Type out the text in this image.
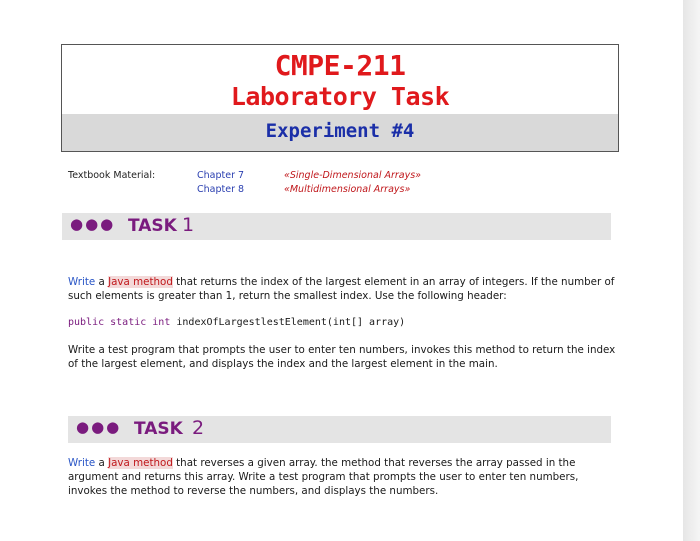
CMPE-211
Laboratory Task
Experiment #4
Textbook Material:	Chapter 7
Chapter 8
«Single-Dimensional Arrays»
«Multidimensional Arrays»
●●● TASK 1
Write a Java method that returns the index of the largest element in an array of integers. If the number of such elements is greater than 1, return the smallest index. Use the following header:
public static int indexOfLargestlestElement(int[] array)
Write a test program that prompts the user to enter ten numbers, invokes this method to return the index of the largest element, and displays the index and the largest element in the main.
●●● TASK 2
Write a Java method that reverses a given array. the method that reverses the array passed in the argument and returns this array. Write a test program that prompts the user to enter ten numbers, invokes the method to reverse the numbers, and displays the numbers.
